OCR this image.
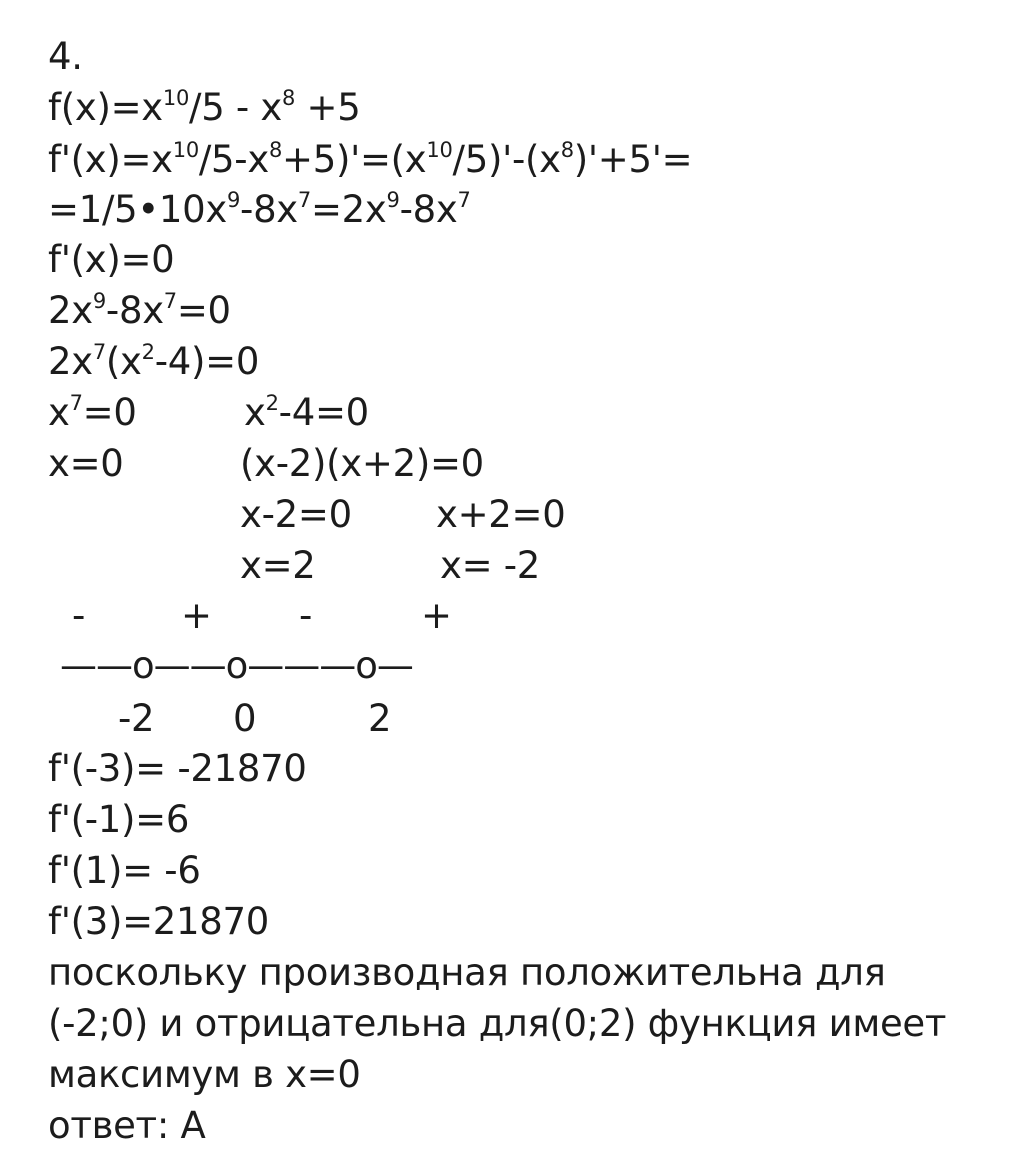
4.
$f(x)=x^{10}/5 - x^8 +5$
$f'(x)=x^{10}/5-x^8+5)'=(x^{10}/5)'-(x^8)'+5'=$
$=1/5•10x^9-8x^7=2x^9-8x^7$
f'(x)=0
$2x^9-8x^7=0$
$2x^7(x^2-4)=0$
$x^7=0$	$x^2-4=0$
x=0	(x-2)(x+2)=0
x-2=0 x+2=0
x=2	x= -2
-	+ -	+
——o——o———o—
-2 0	2
f'(-3)= -21870
f'(-1)=6
f'(1)= -6
f'(3)=21870
поскольку производная положительна для
(-2;0) и отрицательна для(0;2) функция имеет
максимум в x=0
ответ: А
